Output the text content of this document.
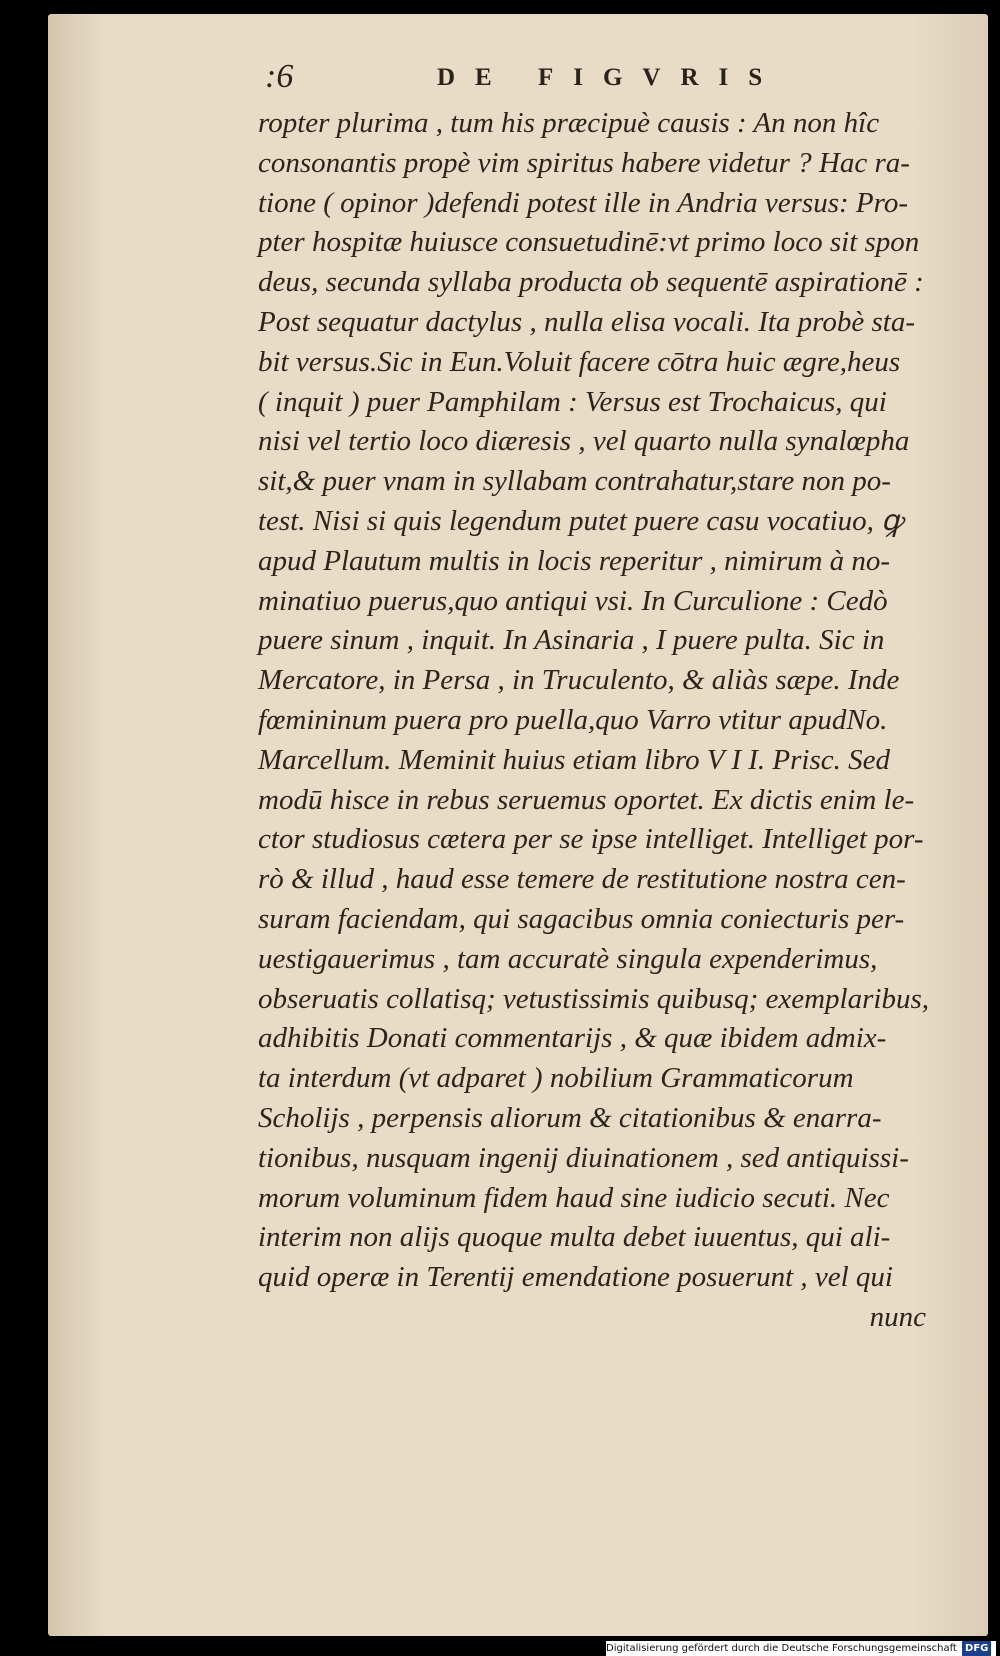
:6	DE FIGVRIS
ropter plurima , tum his præcipuè causis : An non hîc
consonantis propè vim spiritus habere videtur ? Hac ra-
tione ( opinor )defendi potest ille in Andria versus: Pro-
pter hospitæ huiusce consuetudinē:vt primo loco sit spon
deus, secunda syllaba producta ob sequentē aspirationē :
Post sequatur dactylus , nulla elisa vocali. Ita probè sta-
bit versus.Sic in Eun.Voluit facere cōtra huic ægre,heus
( inquit ) puer Pamphilam : Versus est Trochaicus, qui
nisi vel tertio loco diæresis , vel quarto nulla synalœpha
sit,& puer vnam in syllabam contrahatur,stare non po-
test. Nisi si quis legendum putet puere casu vocatiuo, ꝙ
apud Plautum multis in locis reperitur , nimirum à no-
minatiuo puerus,quo antiqui vsi. In Curculione : Cedò
puere sinum , inquit. In Asinaria , I puere pulta. Sic in
Mercatore, in Persa , in Truculento, & aliàs sæpe. Inde
fœmininum puera pro puella,quo Varro vtitur apudNo.
Marcellum. Meminit huius etiam libro V I I. Prisc. Sed
modū hisce in rebus seruemus oportet. Ex dictis enim le-
ctor studiosus cætera per se ipse intelliget. Intelliget por-
rò & illud , haud esse temere de restitutione nostra cen-
suram faciendam, qui sagacibus omnia coniecturis per-
uestigauerimus , tam accuratè singula expenderimus,
obseruatis collatisq; vetustissimis quibusq; exemplaribus,
adhibitis Donati commentarijs , & quæ ibidem admix-
ta interdum (vt adparet ) nobilium Grammaticorum
Scholijs , perpensis aliorum & citationibus & enarra-
tionibus, nusquam ingenij diuinationem , sed antiquissi-
morum voluminum fidem haud sine iudicio secuti. Nec
interim non alijs quoque multa debet iuuentus, qui ali-
quid operæ in Terentij emendatione posuerunt , vel qui
nunc
Digitalisierung gefördert durch die Deutsche Forschungsgemeinschaft DFG
